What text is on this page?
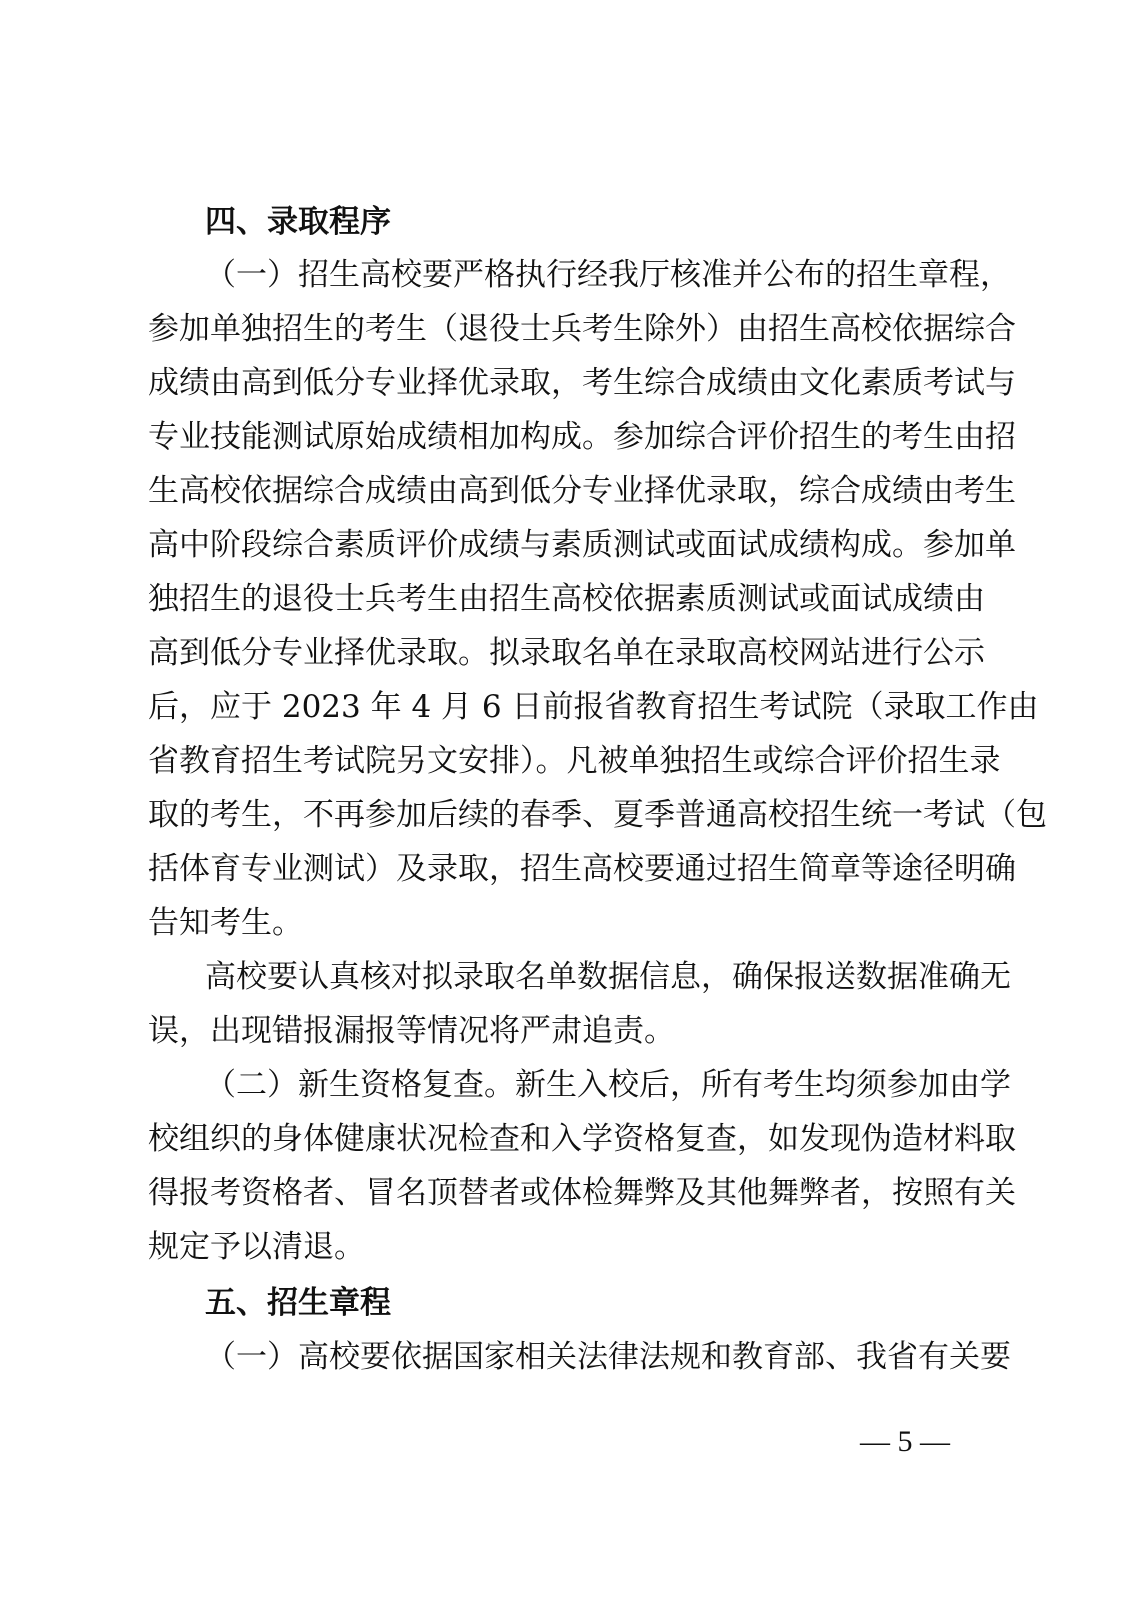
四、录取程序
（一）招生高校要严格执行经我厅核准并公布的招生章程，
参加单独招生的考生（退役士兵考生除外）由招生高校依据综合
成绩由高到低分专业择优录取，考生综合成绩由文化素质考试与
专业技能测试原始成绩相加构成。参加综合评价招生的考生由招
生高校依据综合成绩由高到低分专业择优录取，综合成绩由考生
高中阶段综合素质评价成绩与素质测试或面试成绩构成。参加单
独招生的退役士兵考生由招生高校依据素质测试或面试成绩由
高到低分专业择优录取。拟录取名单在录取高校网站进行公示
后，应于 2023 年 4 月 6 日前报省教育招生考试院（录取工作由
省教育招生考试院另文安排）。凡被单独招生或综合评价招生录
取的考生，不再参加后续的春季、夏季普通高校招生统一考试（包
括体育专业测试）及录取，招生高校要通过招生简章等途径明确
告知考生。
高校要认真核对拟录取名单数据信息，确保报送数据准确无
误，出现错报漏报等情况将严肃追责。
（二）新生资格复查。新生入校后，所有考生均须参加由学
校组织的身体健康状况检查和入学资格复查，如发现伪造材料取
得报考资格者、冒名顶替者或体检舞弊及其他舞弊者，按照有关
规定予以清退。
五、招生章程
（一）高校要依据国家相关法律法规和教育部、我省有关要
— 5 —
